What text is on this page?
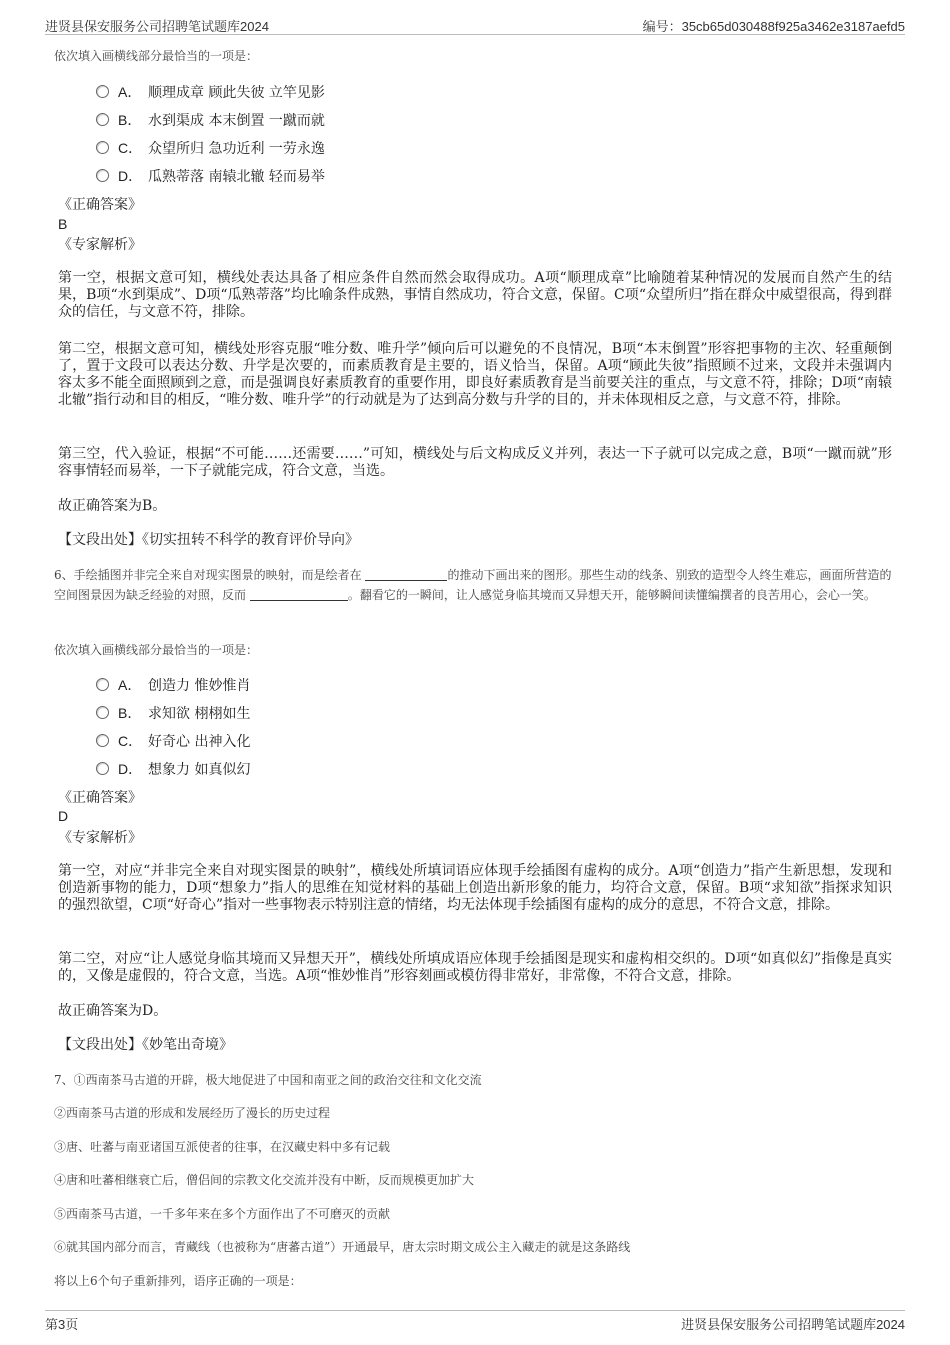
进贤县保安服务公司招聘笔试题库2024	编号：35cb65d030488f925a3462e3187aefd5
依次填入画横线部分最恰当的一项是：
A． 顺理成章 顾此失彼 立竿见影
B． 水到渠成 本末倒置 一蹴而就
C． 众望所归 急功近利 一劳永逸
D． 瓜熟蒂落 南辕北辙 轻而易举
《正确答案》
B
《专家解析》
第一空，根据文意可知，横线处表达具备了相应条件自然而然会取得成功。A项“顺理成章”比喻随着某种情况的发展而自然产生的结果，B项“水到渠成”、D项“瓜熟蒂落”均比喻条件成熟，事情自然成功，符合文意，保留。C项“众望所归”指在群众中威望很高，得到群众的信任，与文意不符，排除。
第二空，根据文意可知，横线处形容克服“唯分数、唯升学”倾向后可以避免的不良情况，B项“本末倒置”形容把事物的主次、轻重颠倒了，置于文段可以表达分数、升学是次要的，而素质教育是主要的，语义恰当，保留。A项“顾此失彼”指照顾不过来，文段并未强调内容太多不能全面照顾到之意，而是强调良好素质教育的重要作用，即良好素质教育是当前要关注的重点，与文意不符，排除；D项“南辕北辙”指行动和目的相反，“唯分数、唯升学”的行动就是为了达到高分数与升学的目的，并未体现相反之意，与文意不符，排除。
第三空，代入验证，根据“不可能……还需要……”可知，横线处与后文构成反义并列，表达一下子就可以完成之意，B项“一蹴而就”形容事情轻而易举，一下子就能完成，符合文意，当选。
故正确答案为B。
【文段出处】《切实扭转不科学的教育评价导向》
6、手绘插图并非完全来自对现实图景的映射，而是绘者在	的推动下画出来的图形。那些生动的线条、别致的造型令人终生难忘，画面所营造的空间图景因为缺乏经验的对照，反而	。翻看它的一瞬间，让人感觉身临其境而又异想天开，能够瞬间读懂编撰者的良苦用心，会心一笑。
依次填入画横线部分最恰当的一项是：
A． 创造力 惟妙惟肖
B． 求知欲 栩栩如生
C． 好奇心 出神入化
D． 想象力 如真似幻
《正确答案》
D
《专家解析》
第一空，对应“并非完全来自对现实图景的映射”，横线处所填词语应体现手绘插图有虚构的成分。A项“创造力”指产生新思想，发现和创造新事物的能力，D项“想象力”指人的思维在知觉材料的基础上创造出新形象的能力，均符合文意，保留。B项“求知欲”指探求知识的强烈欲望，C项“好奇心”指对一些事物表示特别注意的情绪，均无法体现手绘插图有虚构的成分的意思，不符合文意，排除。
第二空，对应“让人感觉身临其境而又异想天开”，横线处所填成语应体现手绘插图是现实和虚构相交织的。D项“如真似幻”指像是真实的，又像是虚假的，符合文意，当选。A项“惟妙惟肖”形容刻画或模仿得非常好，非常像，不符合文意，排除。
故正确答案为D。
【文段出处】《妙笔出奇境》
7、①西南茶马古道的开辟，极大地促进了中国和南亚之间的政治交往和文化交流
②西南茶马古道的形成和发展经历了漫长的历史过程
③唐、吐蕃与南亚诸国互派使者的往事，在汉藏史料中多有记载
④唐和吐蕃相继衰亡后，僧侣间的宗教文化交流并没有中断，反而规模更加扩大
⑤西南茶马古道，一千多年来在多个方面作出了不可磨灭的贡献
⑥就其国内部分而言，青藏线（也被称为“唐蕃古道”）开通最早，唐太宗时期文成公主入藏走的就是这条路线
将以上6个句子重新排列，语序正确的一项是：
第3页	进贤县保安服务公司招聘笔试题库2024
